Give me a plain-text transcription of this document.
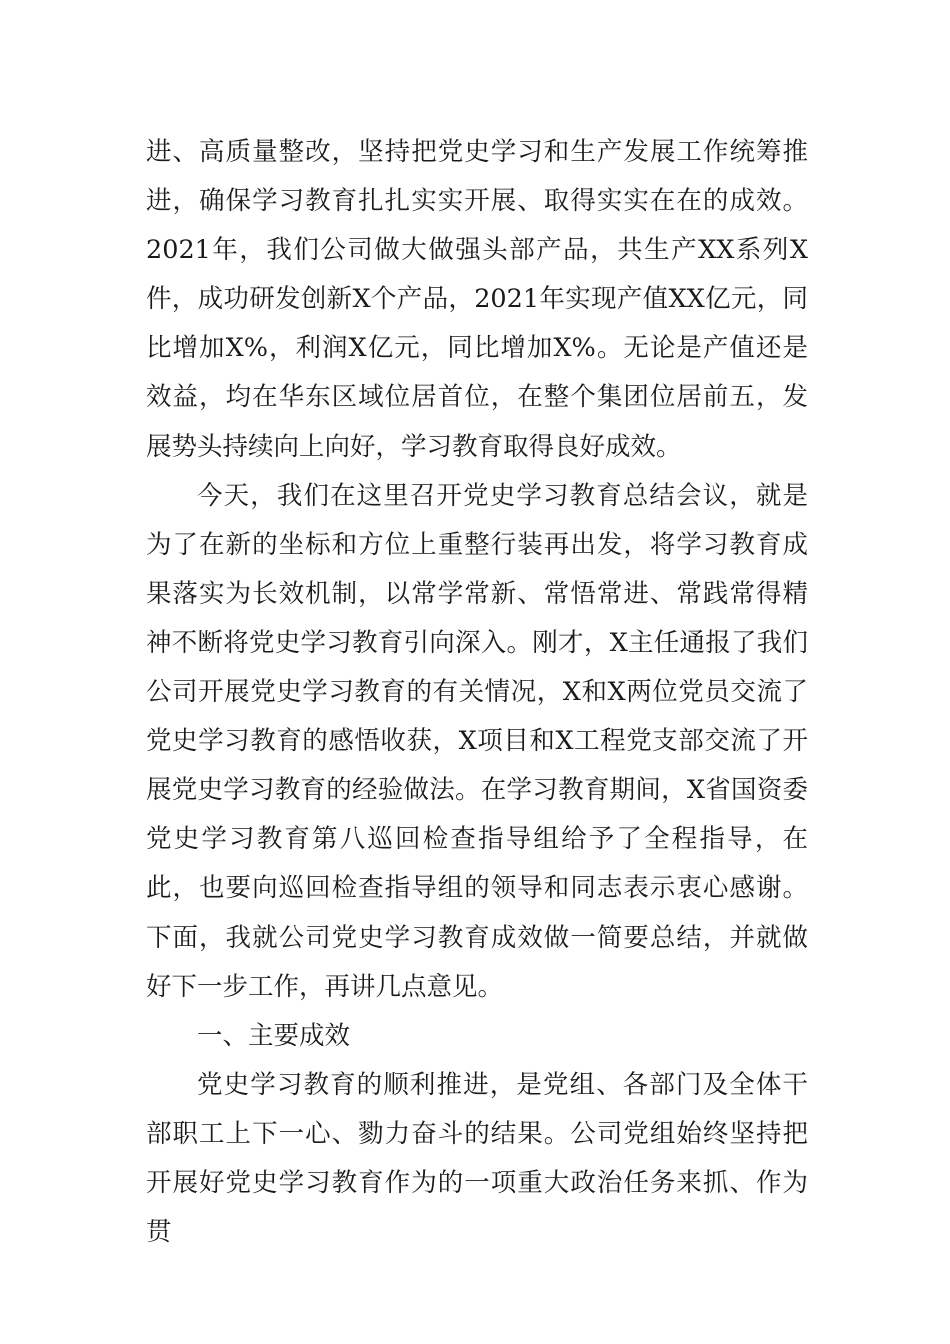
进、高质量整改，坚持把党史学习和生产发展工作统筹推进，确保学习教育扎扎实实开展、取得实实在在的成效。2021年，我们公司做大做强头部产品，共生产XX系列X件，成功研发创新X个产品，2021年实现产值XX亿元，同比增加X%，利润X亿元，同比增加X%。无论是产值还是效益，均在华东区域位居首位，在整个集团位居前五，发展势头持续向上向好，学习教育取得良好成效。

今天，我们在这里召开党史学习教育总结会议，就是为了在新的坐标和方位上重整行装再出发，将学习教育成果落实为长效机制，以常学常新、常悟常进、常践常得精神不断将党史学习教育引向深入。刚才，X主任通报了我们公司开展党史学习教育的有关情况，X和X两位党员交流了党史学习教育的感悟收获，X项目和X工程党支部交流了开展党史学习教育的经验做法。在学习教育期间，X省国资委党史学习教育第八巡回检查指导组给予了全程指导，在此，也要向巡回检查指导组的领导和同志表示衷心感谢。下面，我就公司党史学习教育成效做一简要总结，并就做好下一步工作，再讲几点意见。

一、主要成效

党史学习教育的顺利推进，是党组、各部门及全体干部职工上下一心、勠力奋斗的结果。公司党组始终坚持把开展好党史学习教育作为的一项重大政治任务来抓、作为贯
